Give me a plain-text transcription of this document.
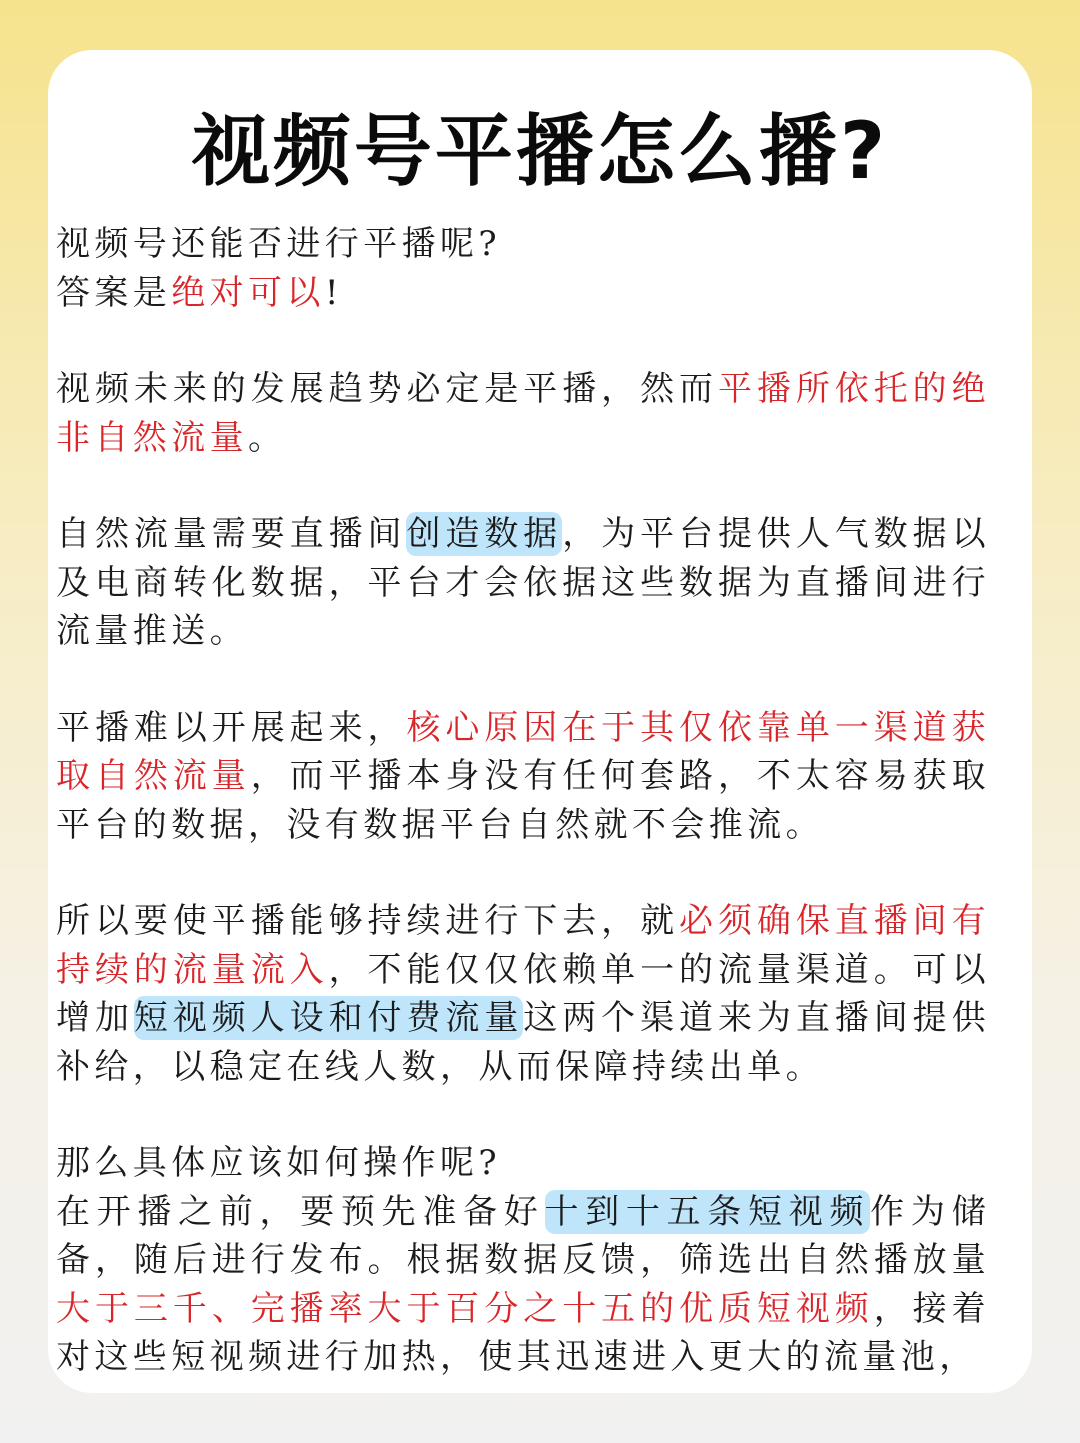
视频号平播怎么播?

视频号还能否进行平播呢?
答案是绝对可以!

视频未来的发展趋势必定是平播，然而平播所依托的绝非自然流量。

自然流量需要直播间创造数据，为平台提供人气数据以及电商转化数据，平台才会依据这些数据为直播间进行流量推送。

平播难以开展起来，核心原因在于其仅依靠单一渠道获取自然流量，而平播本身没有任何套路，不太容易获取平台的数据，没有数据平台自然就不会推流。

所以要使平播能够持续进行下去，就必须确保直播间有持续的流量流入，不能仅仅依赖单一的流量渠道。可以增加短视频人设和付费流量这两个渠道来为直播间提供补给，以稳定在线人数，从而保障持续出单。

那么具体应该如何操作呢?
在开播之前，要预先准备好十到十五条短视频作为储备，随后进行发布。根据数据反馈，筛选出自然播放量大于三千、完播率大于百分之十五的优质短视频，接着对这些短视频进行加热，使其迅速进入更大的流量池，
